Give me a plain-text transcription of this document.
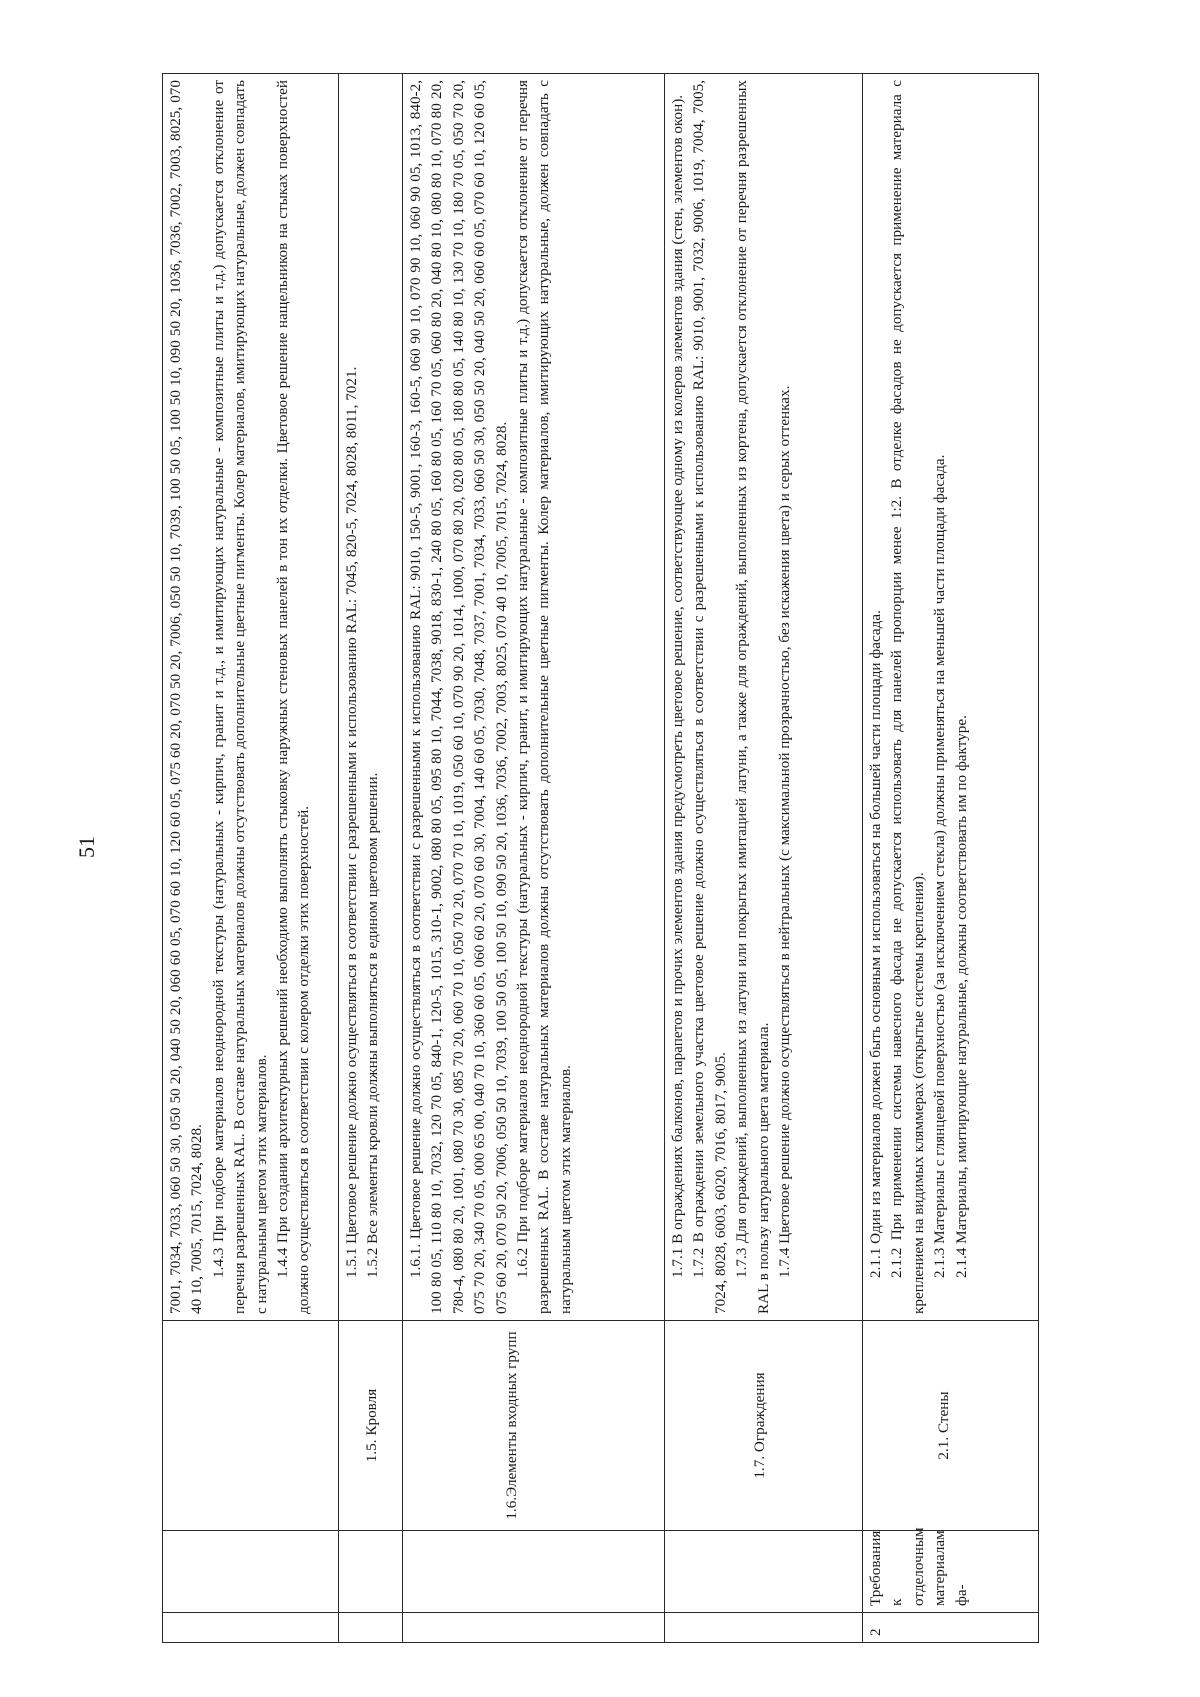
51

			7001, 7034, 7033, 060 50 30, 050 50 20, 040 50 20, 060 60 05, 070 60 10, 120 60 05, 075 60 20, 070 50 20, 7006, 050 50 10, 7039, 100 50 05, 100 50 10, 090 50 20, 1036, 7036, 7002, 7003, 8025, 070 40 10, 7005, 7015, 7024, 8028. 1.4.3 При подборе материалов неоднородной текстуры (натуральных - кирпич, гранит и т.д., и имитирующих натуральные - композитные плиты и т.д.) допускается отклонение от перечня разрешенных RAL. В составе натуральных материалов должны отсутствовать дополнительные цветные пигменты. Колер материалов, имитирующих натуральные, должен совпадать с натуральным цветом этих материалов. 1.4.4 При создании архитектурных решений необходимо выполнять стыковку наружных стеновых панелей в тон их отделки. Цветовое решение нащельников на стыках поверхностей должно осуществляться в соответствии с колером отделки этих поверхностей.

		1.5. Кровля	1.5.1 Цветовое решение должно осуществляться в соответствии с разрешенными к использованию RAL: 7045, 820-5, 7024, 8028, 8011, 7021. 1.5.2 Все элементы кровли должны выполняться в едином цветовом решении.

		1.6.Элементы входных групп	1.6.1. Цветовое решение должно осуществляться в соответствии с разрешенными к использованию RAL: 9010, 150-5, 9001, 160-3, 160-5, 060 90 10, 070 90 10, 060 90 05, 1013, 840-2, 100 80 05, 110 80 10, 7032, 120 70 05, 840-1, 120-5, 1015, 310-1, 9002, 080 80 05, 095 80 10, 7044, 7038, 9018, 830-1, 240 80 05, 160 80 05, 160 70 05, 060 80 20, 040 80 10, 080 80 10, 070 80 20, 780-4, 080 80 20, 1001, 080 70 30, 085 70 20, 060 70 10, 050 70 20, 070 70 10, 1019, 050 60 10, 070 90 20, 1014, 1000, 070 80 20, 020 80 05, 180 80 05, 140 80 10, 130 70 10, 180 70 05, 050 70 20, 075 70 20, 340 70 05, 000 65 00, 040 70 10, 360 60 05, 060 60 20, 070 60 30, 7004, 140 60 05, 7030, 7048, 7037, 7001, 7034, 7033, 060 50 30, 050 50 20, 040 50 20, 060 60 05, 070 60 10, 120 60 05, 075 60 20, 070 50 20, 7006, 050 50 10, 7039, 100 50 05, 100 50 10, 090 50 20, 1036, 7036, 7002, 7003, 8025, 070 40 10, 7005, 7015, 7024, 8028. 1.6.2 При подборе материалов неоднородной текстуры (натуральных - кирпич, гранит, и имитирующих натуральные - композитные плиты и т.д.) допускается отклонение от перечня разрешенных RAL. В составе натуральных материалов должны отсутствовать дополнительные цветные пигменты. Колер материалов, имитирующих натуральные, должен совпадать с натуральным цветом этих материалов.

		1.7. Ограждения	1.7.1 В ограждениях балконов, парапетов и прочих элементов здания предусмотреть цветовое решение, соответствующее одному из колеров элементов здания (стен, элементов окон). 1.7.2 В ограждении земельного участка цветовое решение должно осуществляться в соответствии с разрешенными к использованию RAL: 9010, 9001, 7032, 9006, 1019, 7004, 7005, 7024, 8028, 6003, 6020, 7016, 8017, 9005. 1.7.3 Для ограждений, выполненных из латуни или покрытых имитацией латуни, а также для ограждений, выполненных из кортена, допускается отклонение от перечня разрешенных RAL в пользу натурального цвета материала. 1.7.4 Цветовое решение должно осуществляться в нейтральных (с максимальной прозрачностью, без искажения цвета) и серых оттенках.

2	Требования к отделочным материалам фа-	2.1. Стены	2.1.1 Один из материалов должен быть основным и использоваться на большей части площади фасада. 2.1.2 При применении системы навесного фасада не допускается использовать для панелей пропорции менее 1:2. В отделке фасадов не допускается применение материала с креплением на видимых кляммерах (открытые системы крепления). 2.1.3 Материалы с глянцевой поверхностью (за исключением стекла) должны применяться на меньшей части площади фасада. 2.1.4 Материалы, имитирующие натуральные, должны соответствовать им по фактуре.
